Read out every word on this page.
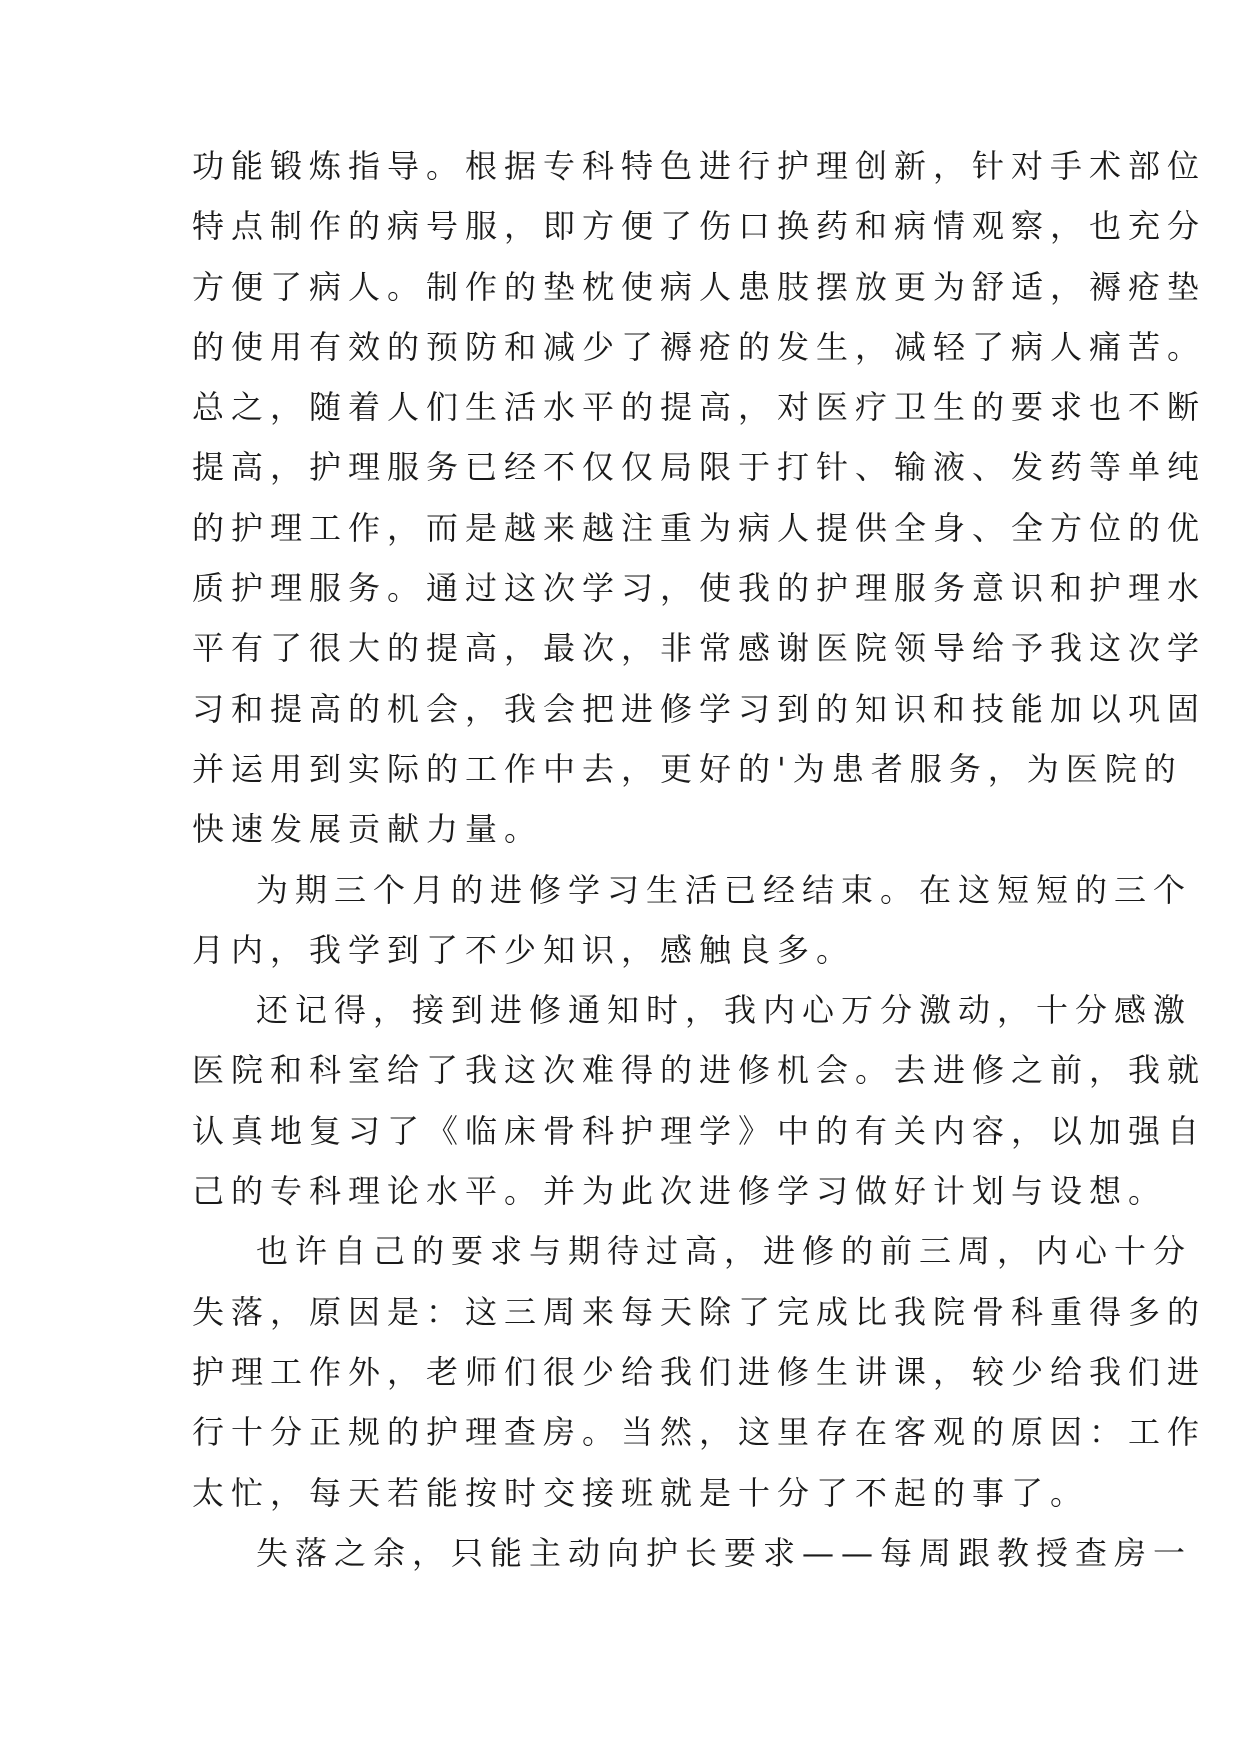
功能锻炼指导。根据专科特色进行护理创新，针对手术部位
特点制作的病号服，即方便了伤口换药和病情观察，也充分
方便了病人。制作的垫枕使病人患肢摆放更为舒适，褥疮垫
的使用有效的预防和减少了褥疮的发生，减轻了病人痛苦。
总之，随着人们生活水平的提高，对医疗卫生的要求也不断
提高，护理服务已经不仅仅局限于打针、输液、发药等单纯
的护理工作，而是越来越注重为病人提供全身、全方位的优
质护理服务。通过这次学习，使我的护理服务意识和护理水
平有了很大的提高，最次，非常感谢医院领导给予我这次学
习和提高的机会，我会把进修学习到的知识和技能加以巩固
并运用到实际的工作中去，更好的'为患者服务，为医院的
快速发展贡献力量。
为期三个月的进修学习生活已经结束。在这短短的三个
月内，我学到了不少知识，感触良多。
还记得，接到进修通知时，我内心万分激动，十分感激
医院和科室给了我这次难得的进修机会。去进修之前，我就
认真地复习了《临床骨科护理学》中的有关内容，以加强自
己的专科理论水平。并为此次进修学习做好计划与设想。
也许自己的要求与期待过高，进修的前三周，内心十分
失落，原因是：这三周来每天除了完成比我院骨科重得多的
护理工作外，老师们很少给我们进修生讲课，较少给我们进
行十分正规的护理查房。当然，这里存在客观的原因：工作
太忙，每天若能按时交接班就是十分了不起的事了。
失落之余，只能主动向护长要求——每周跟教授查房一
